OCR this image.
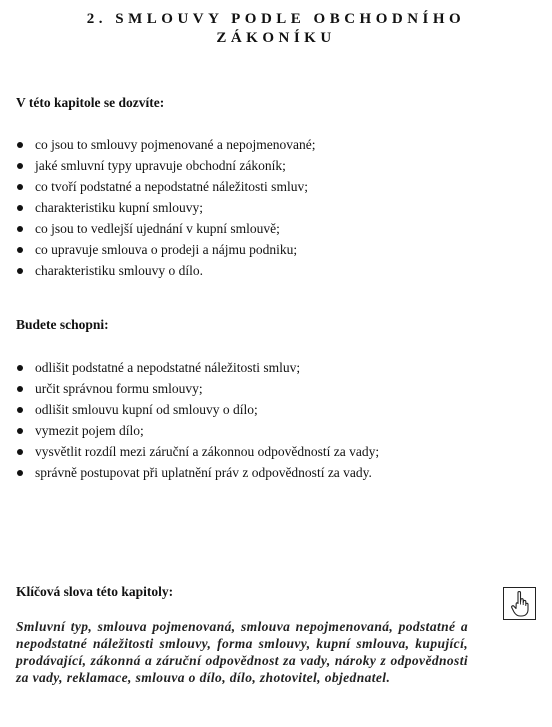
2. SMLOUVY PODLE OBCHODNÍHO
ZÁKONÍKU
V této kapitole se dozvíte:
co jsou to smlouvy pojmenované a nepojmenované;
jaké smluvní typy upravuje obchodní zákoník;
co tvoří podstatné a nepodstatné náležitosti smluv;
charakteristiku kupní smlouvy;
co jsou to vedlejší ujednání v kupní smlouvě;
co upravuje smlouva o prodeji a nájmu podniku;
charakteristiku smlouvy o dílo.
Budete schopni:
odlišit podstatné a nepodstatné náležitosti smluv;
určit správnou formu smlouvy;
odlišit smlouvu kupní od smlouvy o dílo;
vymezit pojem dílo;
vysvětlit rozdíl mezi záruční a zákonnou odpovědností za vady;
správně postupovat při uplatnění práv z odpovědností za vady.
Klíčová slova této kapitoly:

Smluvní typ, smlouva pojmenovaná, smlouva nepojmenovaná, podstatné a nepodstatné náležitosti smlouvy, forma smlouvy, kupní smlouva, kupující, prodávající, zákonná a záruční odpovědnost za vady, nároky z odpovědnosti za vady, reklamace, smlouva o dílo, dílo, zhotovitel, objednatel.
